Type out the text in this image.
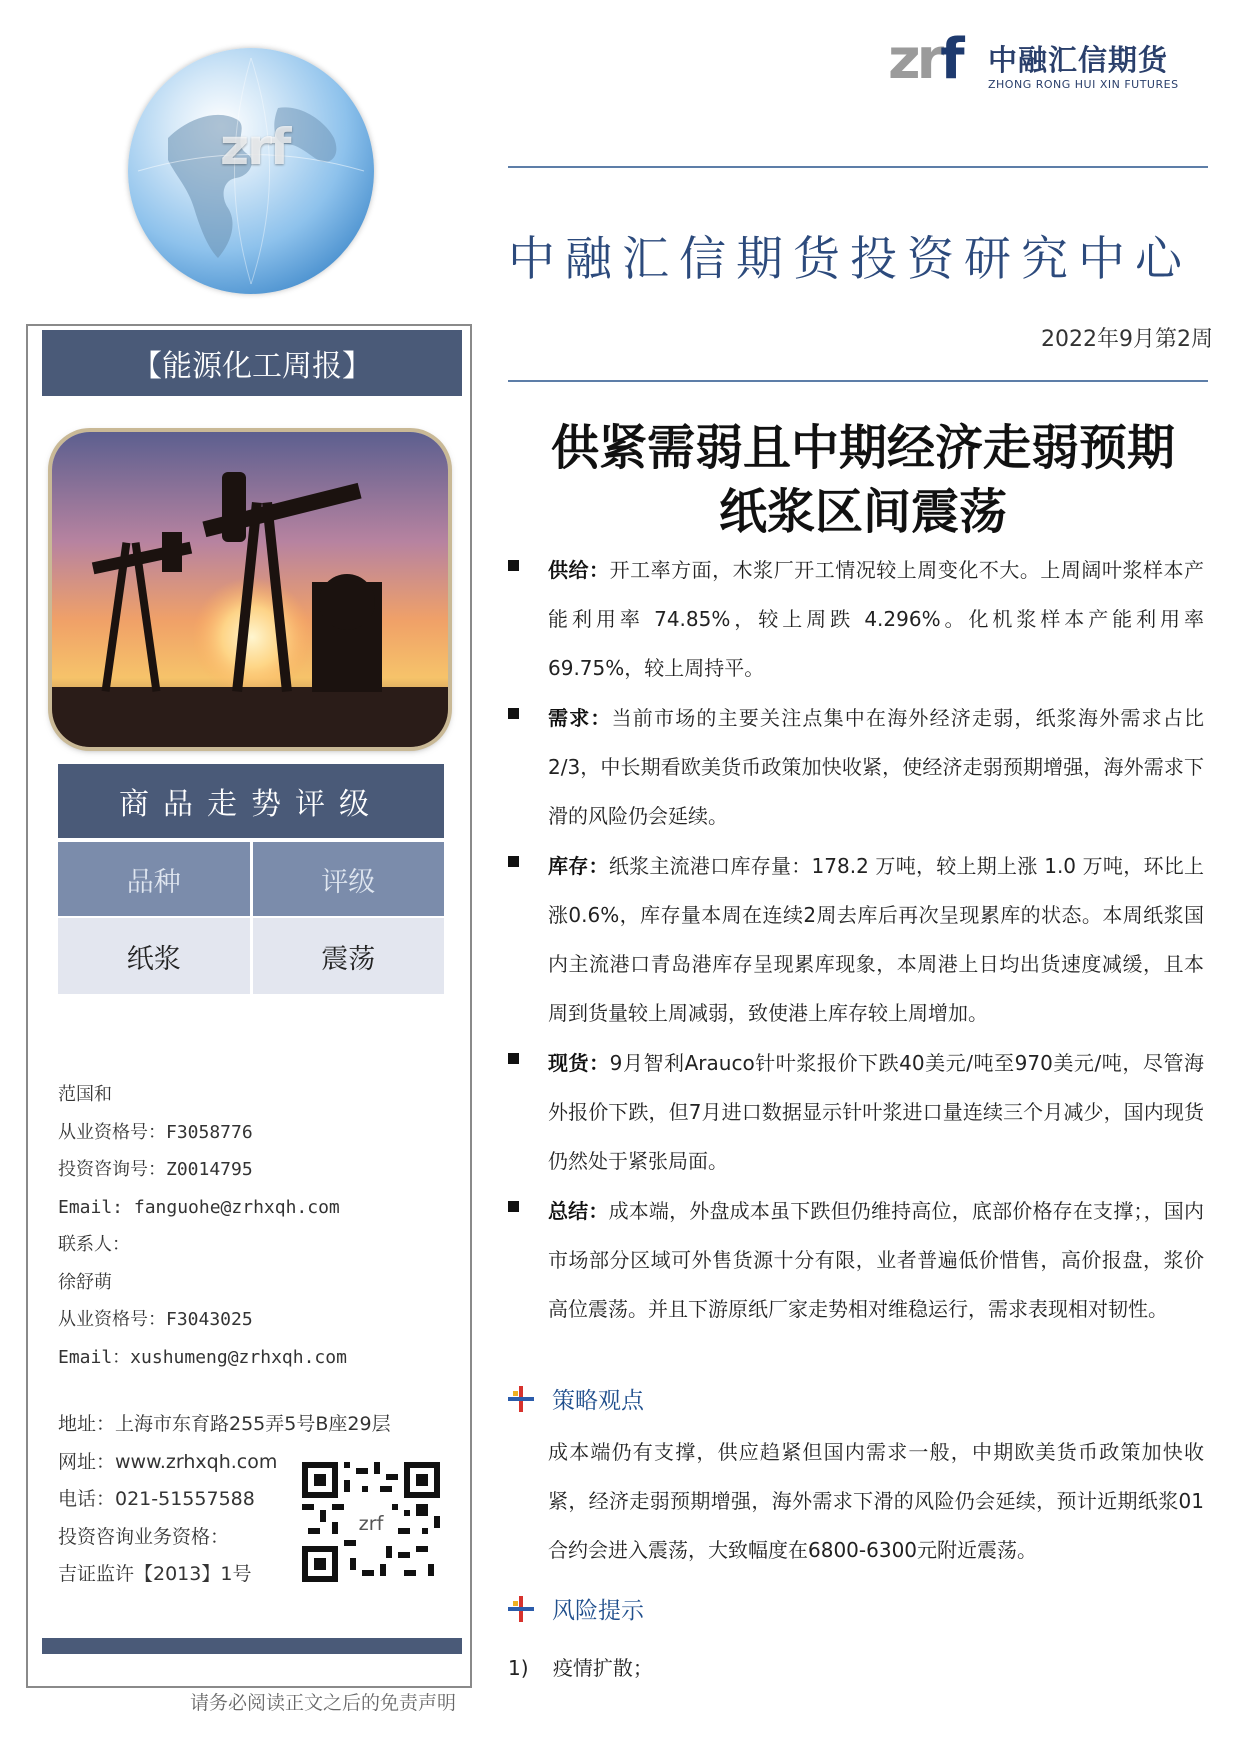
zrf
zrf 中融汇信期货
ZHONG RONG HUI XIN FUTURES
中融汇信期货投资研究中心
2022年9月第2周
供紧需弱且中期经济走弱预期
纸浆区间震荡
【能源化工周报】
商品走势评级
品种	评级
纸浆	震荡
范国和
从业资格号：F3058776
投资咨询号：Z0014795
Email: fanguohe@zrhxqh.com
联系人：
徐舒萌
从业资格号：F3043025
Email：xushumeng@zrhxqh.com
地址：上海市东育路255弄5号B座29层
网址：www.zrhxqh.com
电话：021-51557588
投资咨询业务资格：
吉证监许【2013】1号
zrf
请务必阅读正文之后的免责声明

供给：开工率方面，木浆厂开工情况较上周变化不大。上周阔叶浆样本产能利用率 74.85%，较上周跌 4.296%。化机浆样本产能利用率 69.75%，较上周持平。

需求：当前市场的主要关注点集中在海外经济走弱，纸浆海外需求占比2/3，中长期看欧美货币政策加快收紧，使经济走弱预期增强，海外需求下滑的风险仍会延续。

库存：纸浆主流港口库存量：178.2 万吨，较上期上涨 1.0 万吨，环比上涨0.6%，库存量本周在连续2周去库后再次呈现累库的状态。本周纸浆国内主流港口青岛港库存呈现累库现象，本周港上日均出货速度减缓，且本周到货量较上周减弱，致使港上库存较上周增加。

现货：9月智利Arauco针叶浆报价下跌40美元/吨至970美元/吨，尽管海外报价下跌，但7月进口数据显示针叶浆进口量连续三个月减少，国内现货仍然处于紧张局面。

总结：成本端，外盘成本虽下跌但仍维持高位，底部价格存在支撑；，国内市场部分区域可外售货源十分有限，业者普遍低价惜售，高价报盘，浆价高位震荡。并且下游原纸厂家走势相对维稳运行，需求表现相对韧性。

策略观点
成本端仍有支撑，供应趋紧但国内需求一般，中期欧美货币政策加快收紧，经济走弱预期增强，海外需求下滑的风险仍会延续，预计近期纸浆01合约会进入震荡，大致幅度在6800-6300元附近震荡。
风险提示
1) 疫情扩散；
